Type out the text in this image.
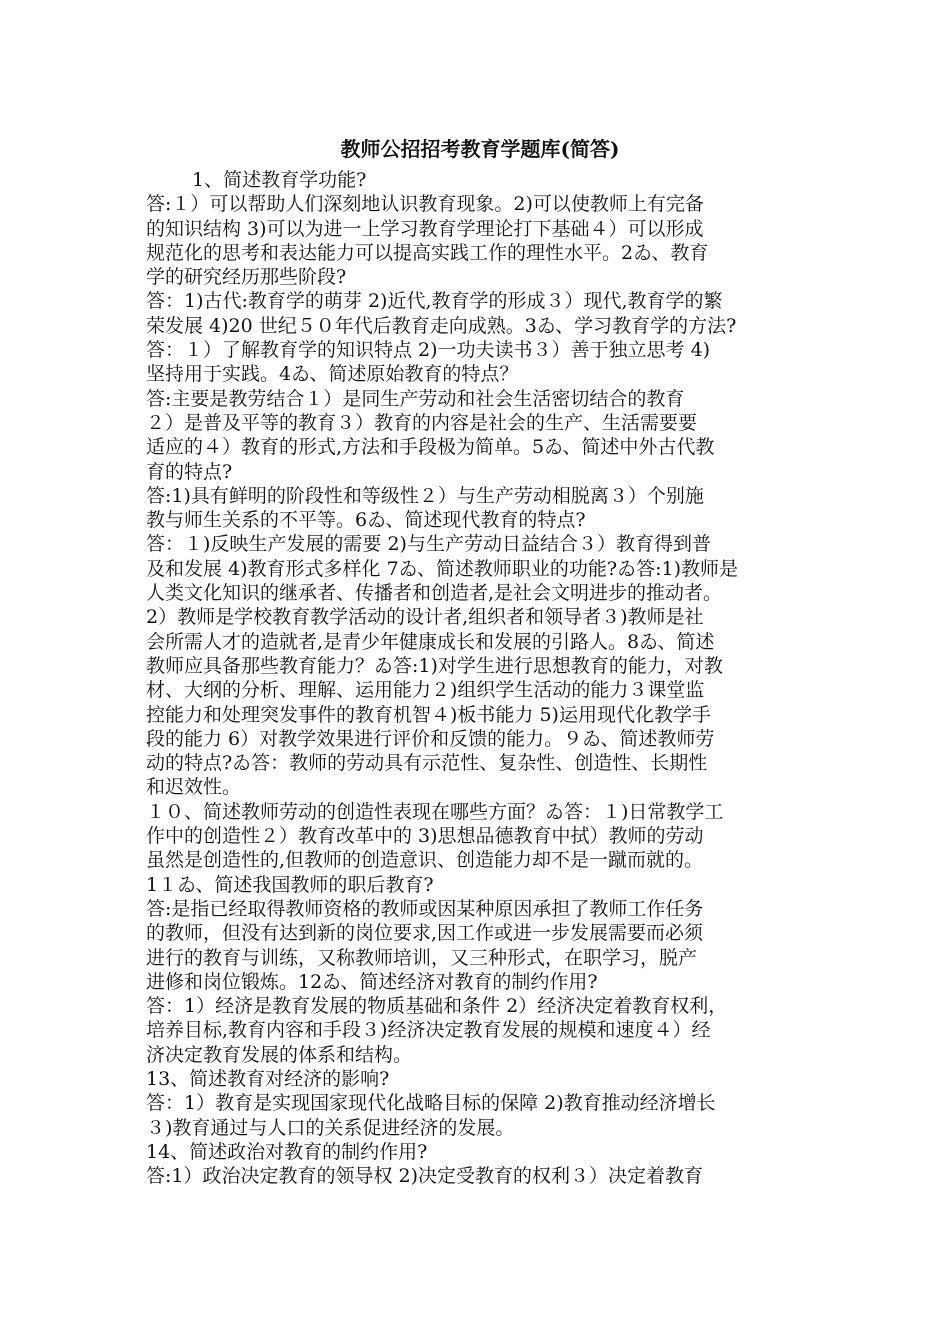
教师公招招考教育学题库(简答)
1、简述教育学功能?
答:１）可以帮助人们深刻地认识教育现象。2)可以使教师上有完备
的知识结构 3)可以为进一上学习教育学理论打下基础４）可以形成
规范化的思考和表达能力可以提高实践工作的理性水平。2ゐ、教育
学的研究经历那些阶段?
答：1)古代:教育学的萌芽 2)近代,教育学的形成３）现代,教育学的繁
荣发展 4)20 世纪５０年代后教育走向成熟。3ゐ、学习教育学的方法?
答：１）了解教育学的知识特点 2)一功夫读书３）善于独立思考 4)
坚持用于实践。4ゐ、简述原始教育的特点？
答:主要是教劳结合１）是同生产劳动和社会生活密切结合的教育
２）是普及平等的教育３）教育的内容是社会的生产、生活需要要
适应的４）教育的形式,方法和手段极为简单。5ゐ、简述中外古代教
育的特点?
答:1)具有鲜明的阶段性和等级性２）与生产劳动相脱离３）个别施
教与师生关系的不平等。6ゐ、简述现代教育的特点?
答：１)反映生产发展的需要 2)与生产劳动日益结合３）教育得到普
及和发展 4)教育形式多样化 7ゐ、简述教师职业的功能?ゐ答:1)教师是
人类文化知识的继承者、传播者和创造者,是社会文明进步的推动者。
2）教师是学校教育教学活动的设计者,组织者和领导者３)教师是社
会所需人才的造就者,是青少年健康成长和发展的引路人。8ゐ、简述
教师应具备那些教育能力？ゐ答:1)对学生进行思想教育的能力，对教
材、大纲的分析、理解、运用能力２)组织学生活动的能力３课堂监
控能力和处理突发事件的教育机智４)板书能力 5)运用现代化教学手
段的能力 6）对教学效果进行评价和反馈的能力。９ゐ、简述教师劳
动的特点?ゐ答：教师的劳动具有示范性、复杂性、创造性、长期性
和迟效性。
１０、简述教师劳动的创造性表现在哪些方面？ゐ答：１)日常教学工
作中的创造性２）教育改革中的 3)思想品德教育中拭）教师的劳动
虽然是创造性的,但教师的创造意识、创造能力却不是一蹴而就的。
1１ゐ、简述我国教师的职后教育?
答:是指已经取得教师资格的教师或因某种原因承担了教师工作任务
的教师，但没有达到新的岗位要求,因工作或进一步发展需要而必须
进行的教育与训练，又称教师培训，又三种形式，在职学习，脱产
进修和岗位锻炼。12ゐ、简述经济对教育的制约作用?
答：1）经济是教育发展的物质基础和条件 2）经济决定着教育权利，
培养目标,教育内容和手段３)经济决定教育发展的规模和速度４）经
济决定教育发展的体系和结构。
13、简述教育对经济的影响?
答：1）教育是实现国家现代化战略目标的保障 2)教育推动经济增长
３)教育通过与人口的关系促进经济的发展。
14、简述政治对教育的制约作用?
答:1）政治决定教育的领导权 2)决定受教育的权利３）决定着教育
